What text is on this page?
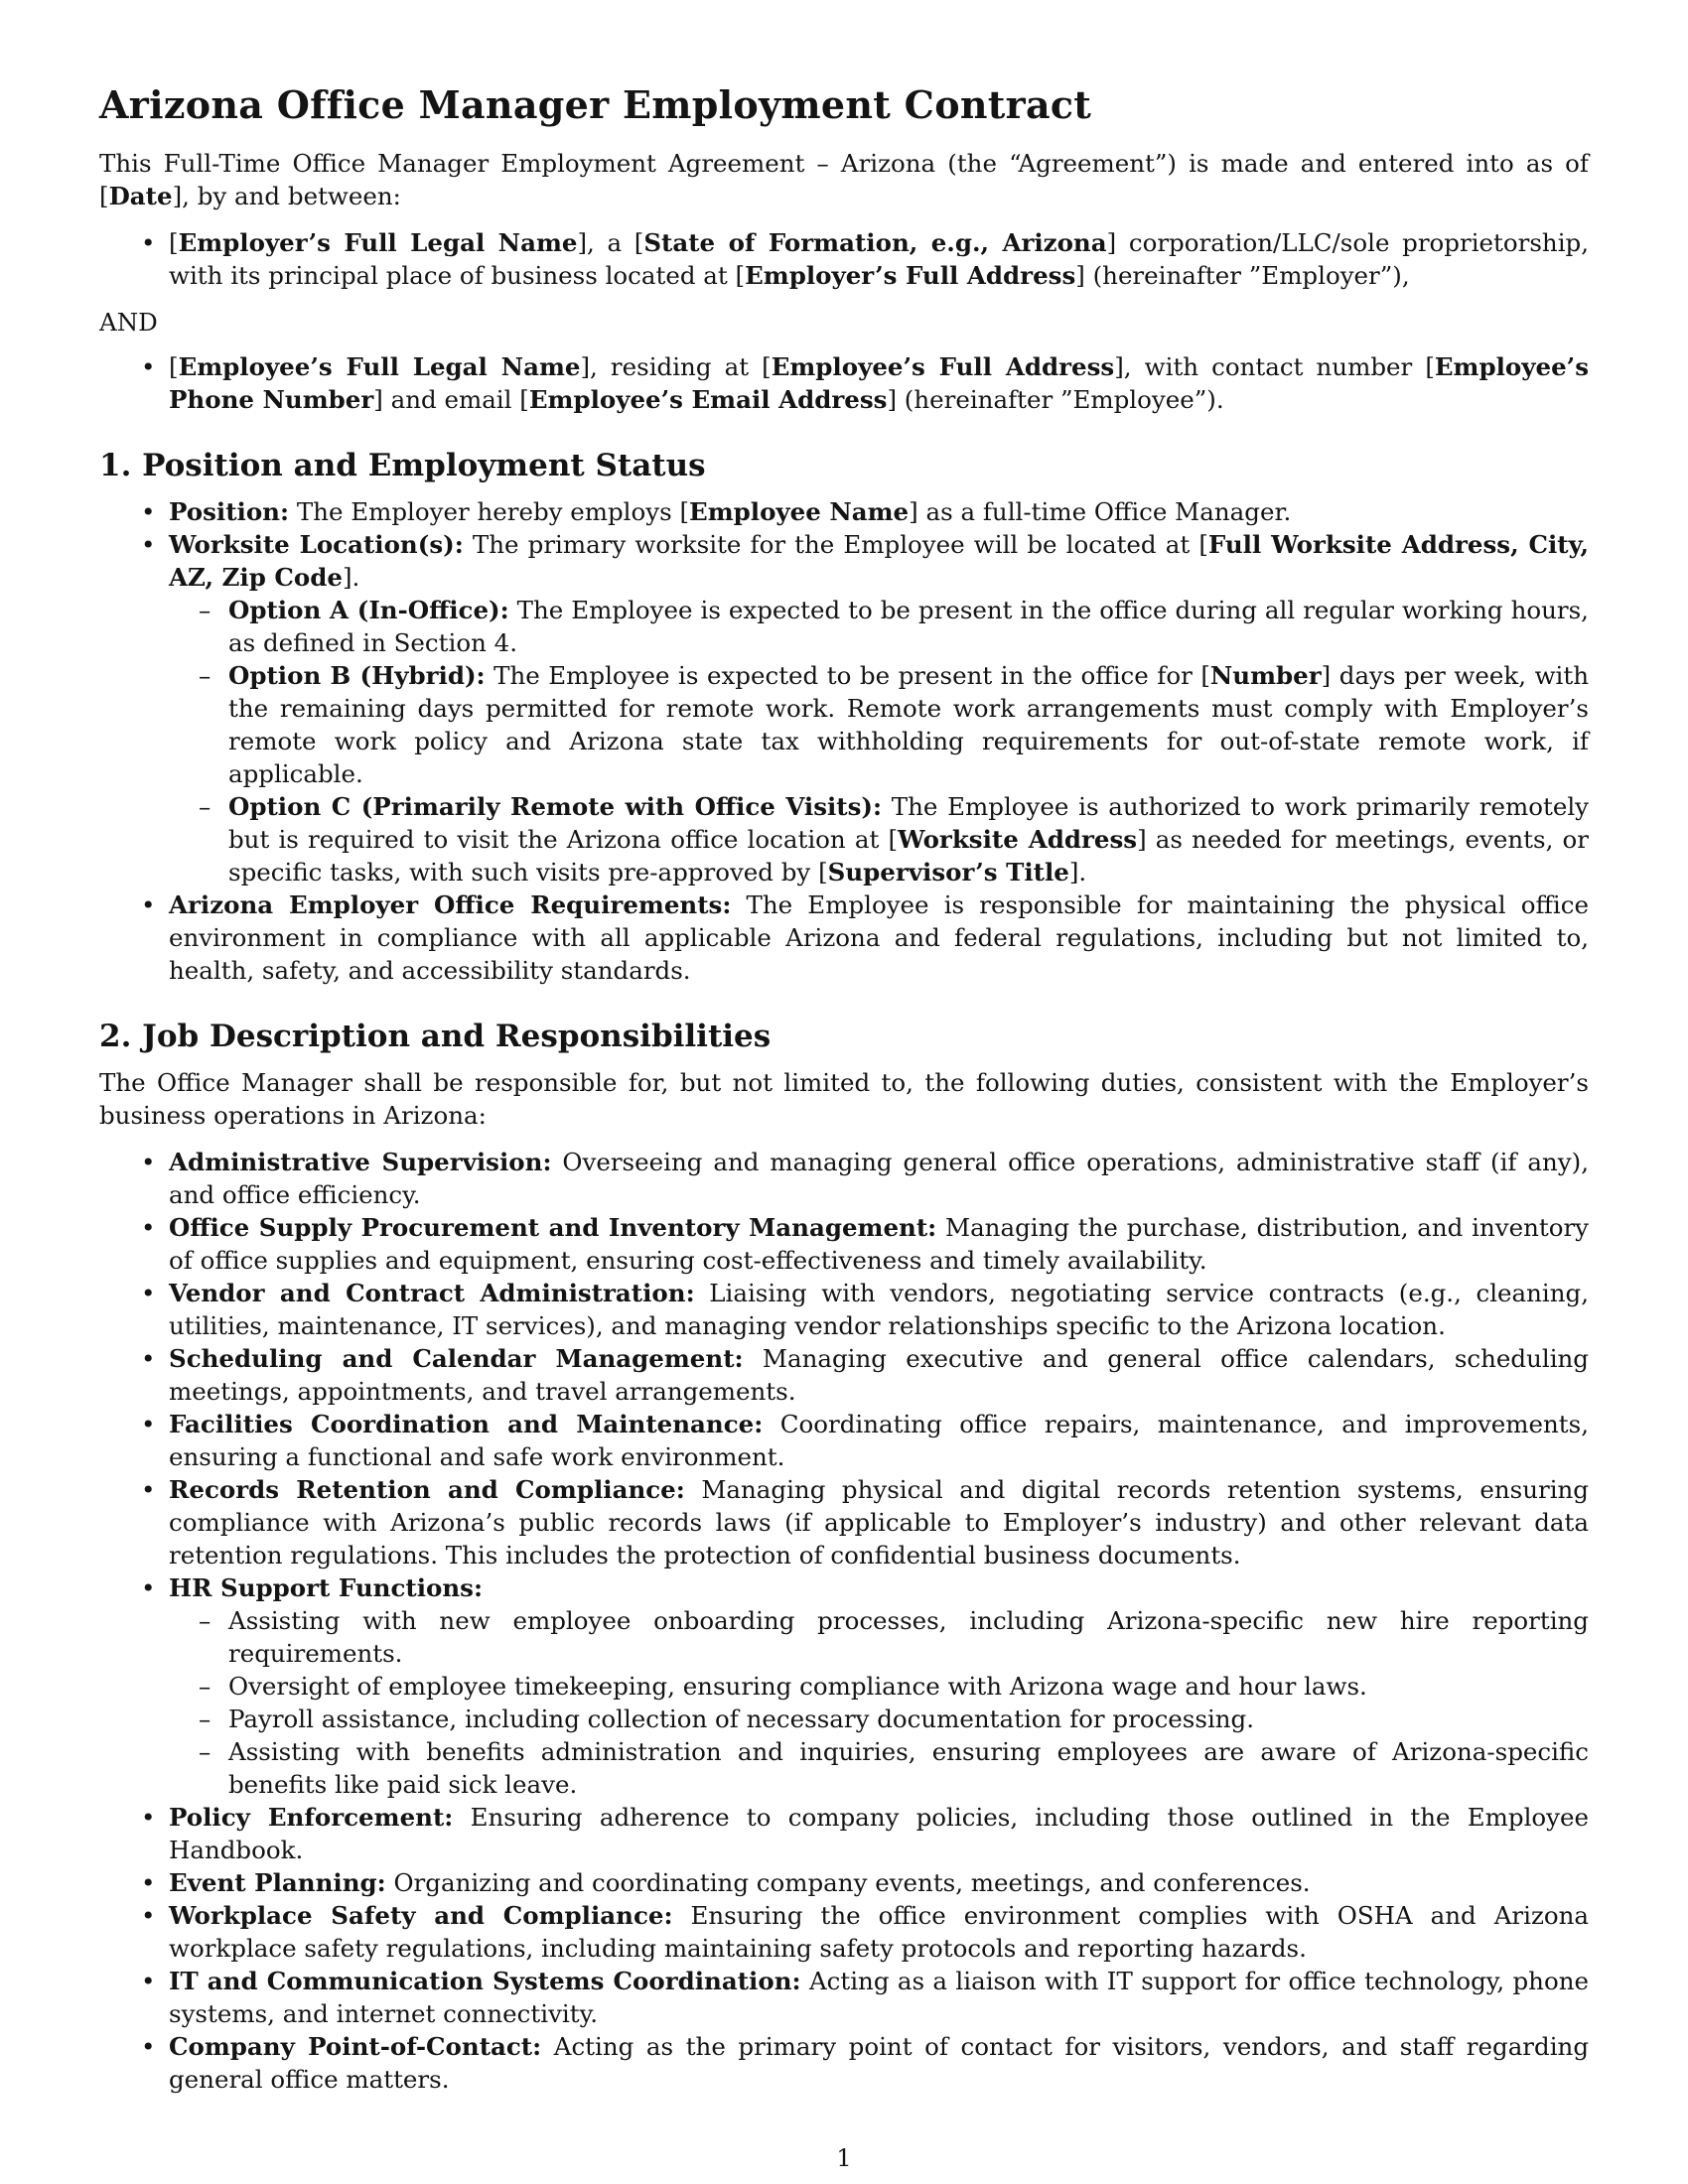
Arizona Office Manager Employment Contract

This Full-Time Office Manager Employment Agreement – Arizona (the “Agreement”) is made and entered into as of [Date], by and between:

• [Employer’s Full Legal Name], a [State of Formation, e.g., Arizona] corporation/LLC/sole proprietorship, with its principal place of business located at [Employer’s Full Address] (hereinafter ”Employer”),

AND

• [Employee’s Full Legal Name], residing at [Employee’s Full Address], with contact number [Employee’s Phone Number] and email [Employee’s Email Address] (hereinafter ”Employee”).
1. Position and Employment Status
• Position: The Employer hereby employs [Employee Name] as a full-time Office Manager.
• Worksite Location(s): The primary worksite for the Employee will be located at [Full Worksite Address, City, AZ, Zip Code].
– Option A (In-Office): The Employee is expected to be present in the office during all regular working hours, as defined in Section 4.
– Option B (Hybrid): The Employee is expected to be present in the office for [Number] days per week, with the remaining days permitted for remote work. Remote work arrangements must comply with Employer’s remote work policy and Arizona state tax withholding requirements for out-of-state remote work, if applicable.
– Option C (Primarily Remote with Office Visits): The Employee is authorized to work primarily remotely but is required to visit the Arizona office location at [Worksite Address] as needed for meetings, events, or specific tasks, with such visits pre-approved by [Supervisor’s Title].
• Arizona Employer Office Requirements: The Employee is responsible for maintaining the physical office environment in compliance with all applicable Arizona and federal regulations, including but not limited to, health, safety, and accessibility standards.
2. Job Description and Responsibilities

The Office Manager shall be responsible for, but not limited to, the following duties, consistent with the Employer’s business operations in Arizona:

• Administrative Supervision: Overseeing and managing general office operations, administrative staff (if any), and office efficiency.
• Office Supply Procurement and Inventory Management: Managing the purchase, distribution, and inventory of office supplies and equipment, ensuring cost-effectiveness and timely availability.
• Vendor and Contract Administration: Liaising with vendors, negotiating service contracts (e.g., cleaning, utilities, maintenance, IT services), and managing vendor relationships specific to the Arizona location.
• Scheduling and Calendar Management: Managing executive and general office calendars, scheduling meetings, appointments, and travel arrangements.
• Facilities Coordination and Maintenance: Coordinating office repairs, maintenance, and improvements, ensuring a functional and safe work environment.
• Records Retention and Compliance: Managing physical and digital records retention systems, ensuring compliance with Arizona’s public records laws (if applicable to Employer’s industry) and other relevant data retention regulations. This includes the protection of confidential business documents.
• HR Support Functions:
– Assisting with new employee onboarding processes, including Arizona-specific new hire reporting requirements.
– Oversight of employee timekeeping, ensuring compliance with Arizona wage and hour laws.
– Payroll assistance, including collection of necessary documentation for processing.
– Assisting with benefits administration and inquiries, ensuring employees are aware of Arizona-specific benefits like paid sick leave.
• Policy Enforcement: Ensuring adherence to company policies, including those outlined in the Employee Handbook.
• Event Planning: Organizing and coordinating company events, meetings, and conferences.
• Workplace Safety and Compliance: Ensuring the office environment complies with OSHA and Arizona workplace safety regulations, including maintaining safety protocols and reporting hazards.
• IT and Communication Systems Coordination: Acting as a liaison with IT support for office technology, phone systems, and internet connectivity.
• Company Point-of-Contact: Acting as the primary point of contact for visitors, vendors, and staff regarding general office matters.
1
